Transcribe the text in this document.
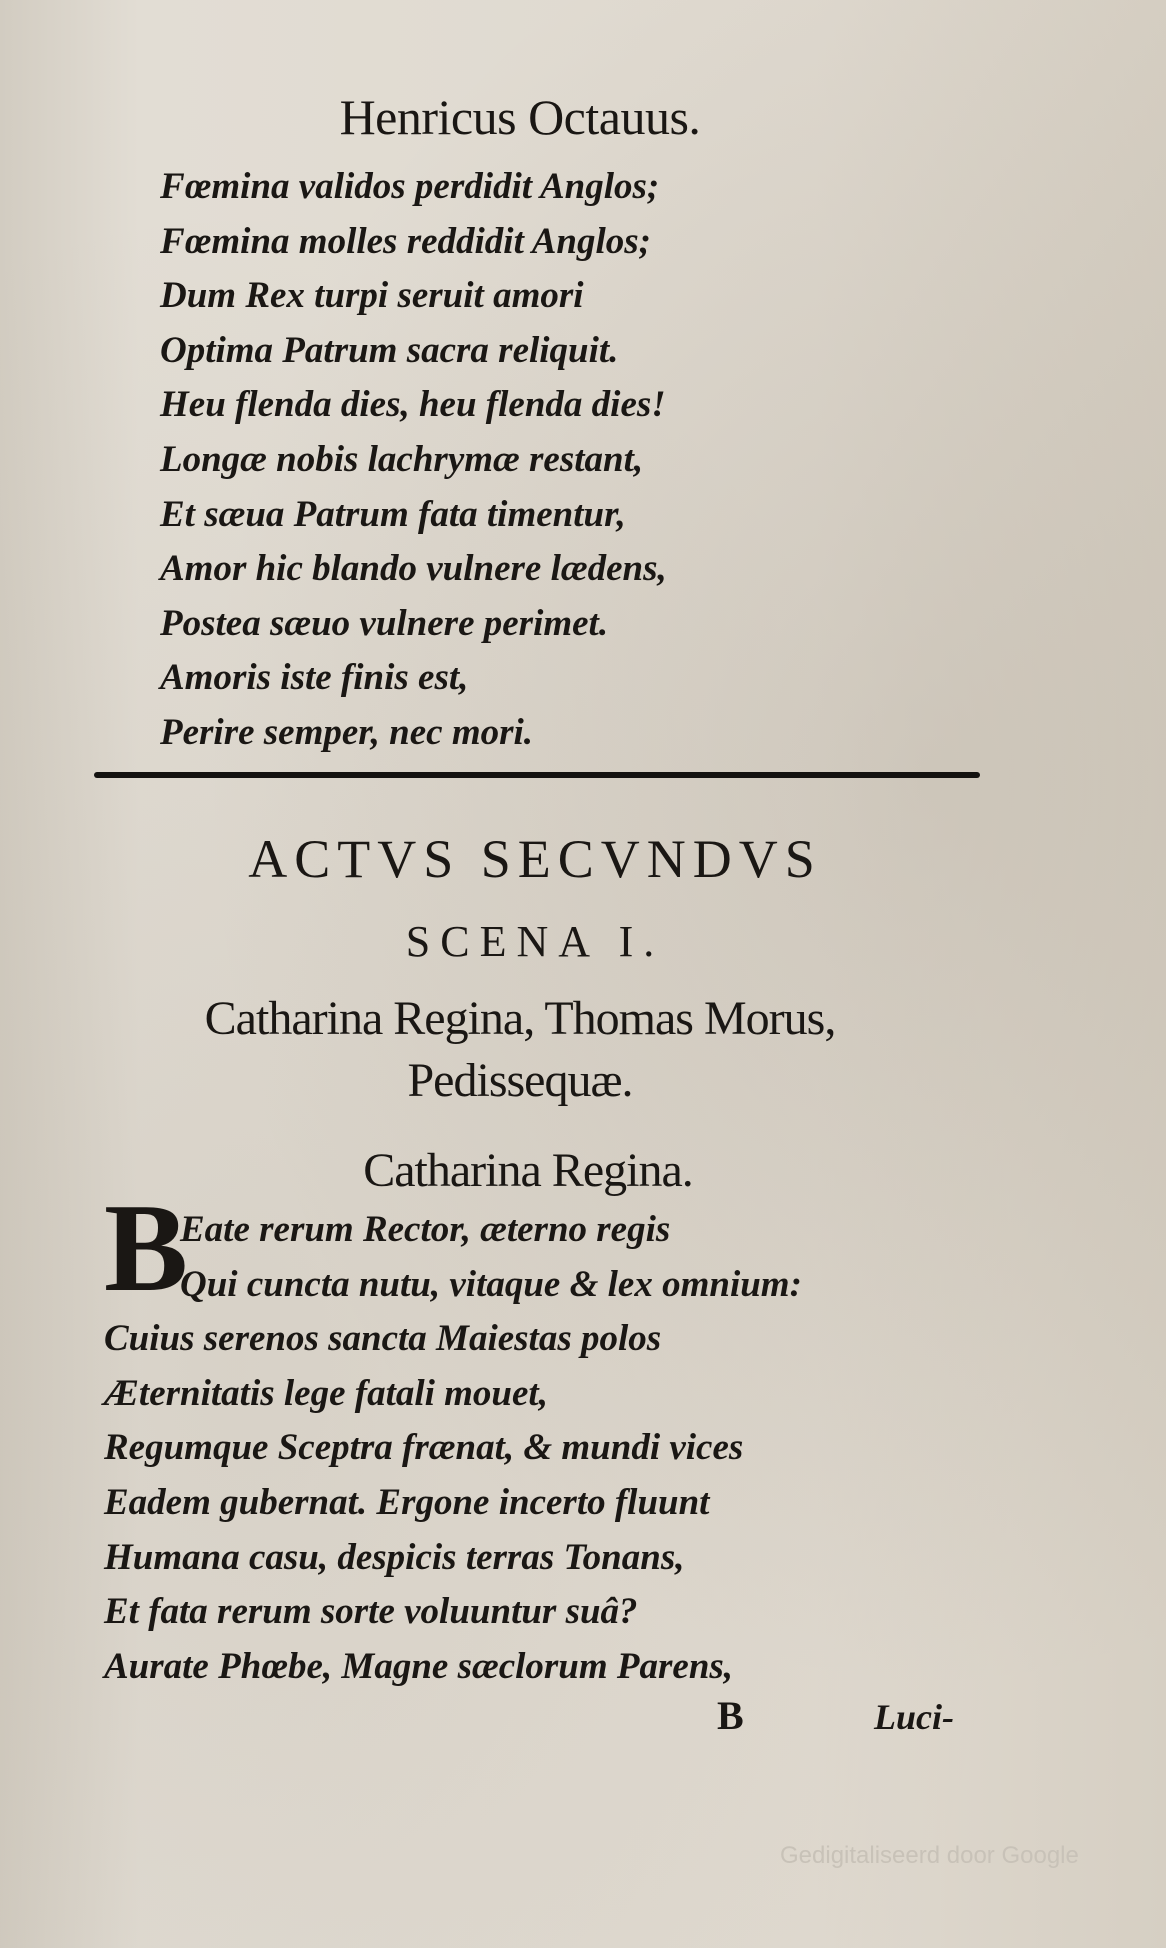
Henricus Octauus.
Fœmina validos perdidit Anglos;
Fœmina molles reddidit Anglos;
Dum Rex turpi seruit amori
Optima Patrum sacra reliquit.
Heu flenda dies, heu flenda dies!
Longæ nobis lachrymæ restant,
Et sæua Patrum fata timentur,
Amor hic blando vulnere lædens,
Postea sæuo vulnere perimet.
Amoris iste finis est,
Perire semper, nec mori.
ACTVS SECVNDVS
SCENA I.
Catharina Regina, Thomas Morus,
Pedissequæ.
Catharina Regina.
B
Eate rerum Rector, æterno regis
Qui cuncta nutu, vitaque & lex omnium:
Cuius serenos sancta Maiestas polos
Æternitatis lege fatali mouet,
Regumque Sceptra frænat, & mundi vices
Eadem gubernat. Ergone incerto fluunt
Humana casu, despicis terras Tonans,
Et fata rerum sorte voluuntur suâ?
Aurate Phœbe, Magne sæclorum Parens,
B	Luci-
Gedigitaliseerd door Google
